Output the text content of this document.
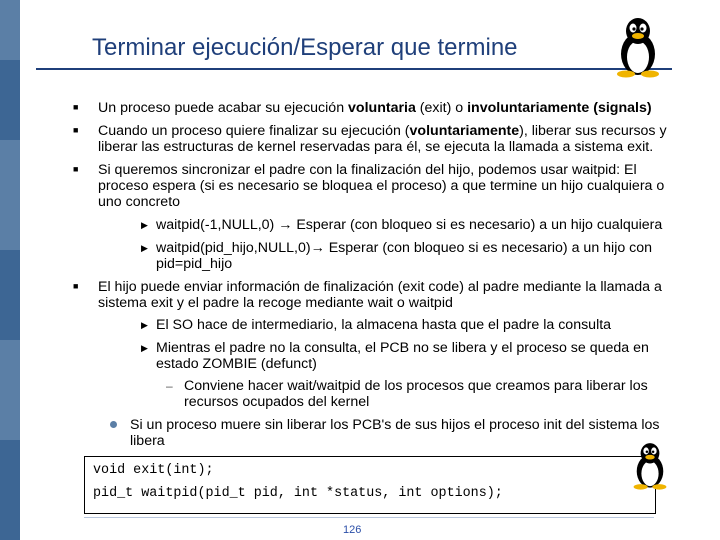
Terminar ejecución/Esperar que termine
■ Un proceso puede acabar su ejecución voluntaria (exit) o involuntariamente (signals)
■ Cuando un proceso quiere finalizar su ejecución (voluntariamente), liberar sus recursos y
liberar las estructuras de kernel reservadas para él, se ejecuta la llamada a sistema exit.
■ Si queremos sincronizar el padre con la finalización del hijo, podemos usar waitpid: El
proceso espera (si es necesario se bloquea el proceso) a que termine un hijo cualquiera o
uno concreto
▶ waitpid(-1,NULL,0) → Esperar (con bloqueo si es necesario) a un hijo cualquiera
▶ waitpid(pid_hijo,NULL,0)→ Esperar (con bloqueo si es necesario) a un hijo con
pid=pid_hijo
■ El hijo puede enviar información de finalización (exit code) al padre mediante la llamada a
sistema exit y el padre la recoge mediante wait o waitpid
▶ El SO hace de intermediario, la almacena hasta que el padre la consulta
▶ Mientras el padre no la consulta, el PCB no se libera y el proceso se queda en
estado ZOMBIE (defunct)
– Conviene hacer wait/waitpid de los procesos que creamos para liberar los
recursos ocupados del kernel
Si un proceso muere sin liberar los PCB's de sus hijos el proceso init del sistema los
libera
void exit(int);
pid_t waitpid(pid_t pid, int *status, int options);
126
